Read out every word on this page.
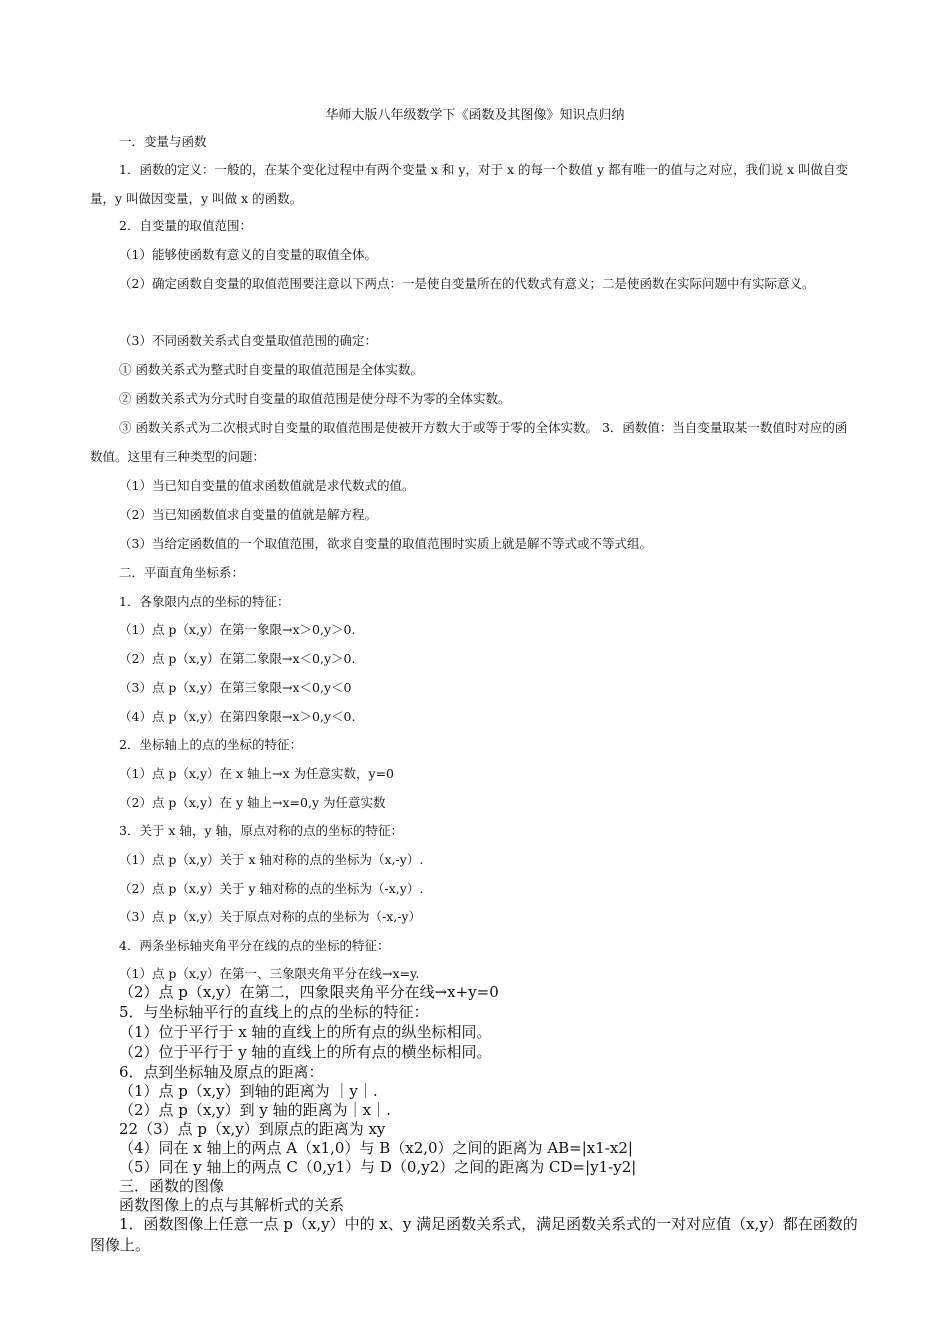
华师大版八年级数学下《函数及其图像》知识点归纳
一．变量与函数
1．函数的定义：一般的，在某个变化过程中有两个变量 x 和 y，对于 x 的每一个数值 y 都有唯一的值与之对应，我们说 x 叫做自变量，y 叫做因变量，y 叫做 x 的函数。
2．自变量的取值范围：
（1）能够使函数有意义的自变量的取值全体。
（2）确定函数自变量的取值范围要注意以下两点：一是使自变量所在的代数式有意义；二是使函数在实际问题中有实际意义。
（3）不同函数关系式自变量取值范围的确定：
① 函数关系式为整式时自变量的取值范围是全体实数。
② 函数关系式为分式时自变量的取值范围是使分母不为零的全体实数。
③ 函数关系式为二次根式时自变量的取值范围是使被开方数大于或等于零的全体实数。 3．函数值：当自变量取某一数值时对应的函数值。这里有三种类型的问题：
（1）当已知自变量的值求函数值就是求代数式的值。
（2）当已知函数值求自变量的值就是解方程。
（3）当给定函数值的一个取值范围，欲求自变量的取值范围时实质上就是解不等式或不等式组。
二．平面直角坐标系：
1．各象限内点的坐标的特征：
（1）点 p（x,y）在第一象限→x＞0,y＞0.
（2）点 p（x,y）在第二象限→x＜0,y＞0.
（3）点 p（x,y）在第三象限→x＜0,y＜0
（4）点 p（x,y）在第四象限→x＞0,y＜0.
2．坐标轴上的点的坐标的特征：
（1）点 p（x,y）在 x 轴上→x 为任意实数，y=0
（2）点 p（x,y）在 y 轴上→x=0,y 为任意实数
3．关于 x 轴，y 轴，原点对称的点的坐标的特征：
（1）点 p（x,y）关于 x 轴对称的点的坐标为（x,-y）.
（2）点 p（x,y）关于 y 轴对称的点的坐标为（-x,y）.
（3）点 p（x,y）关于原点对称的点的坐标为（-x,-y）
4．两条坐标轴夹角平分在线的点的坐标的特征：
（1）点 p（x,y）在第一、三象限夹角平分在线→x=y.
（2）点 p（x,y）在第二，四象限夹角平分在线→x+y=0
5．与坐标轴平行的直线上的点的坐标的特征：
（1）位于平行于 x 轴的直线上的所有点的纵坐标相同。
（2）位于平行于 y 轴的直线上的所有点的横坐标相同。
6．点到坐标轴及原点的距离：
（1）点 p（x,y）到轴的距离为 ｜y｜.
（2）点 p（x,y）到 y 轴的距离为｜x｜.
22（3）点 p（x,y）到原点的距离为 xy
（4）同在 x 轴上的两点 A（x1,0）与 B（x2,0）之间的距离为 AB=|x1-x2|
（5）同在 y 轴上的两点 C（0,y1）与 D（0,y2）之间的距离为 CD=|y1-y2|
三．函数的图像
函数图像上的点与其解析式的关系
1．函数图像上任意一点 p（x,y）中的 x、y 满足函数关系式，满足函数关系式的一对对应值（x,y）都在函数的图像上。
